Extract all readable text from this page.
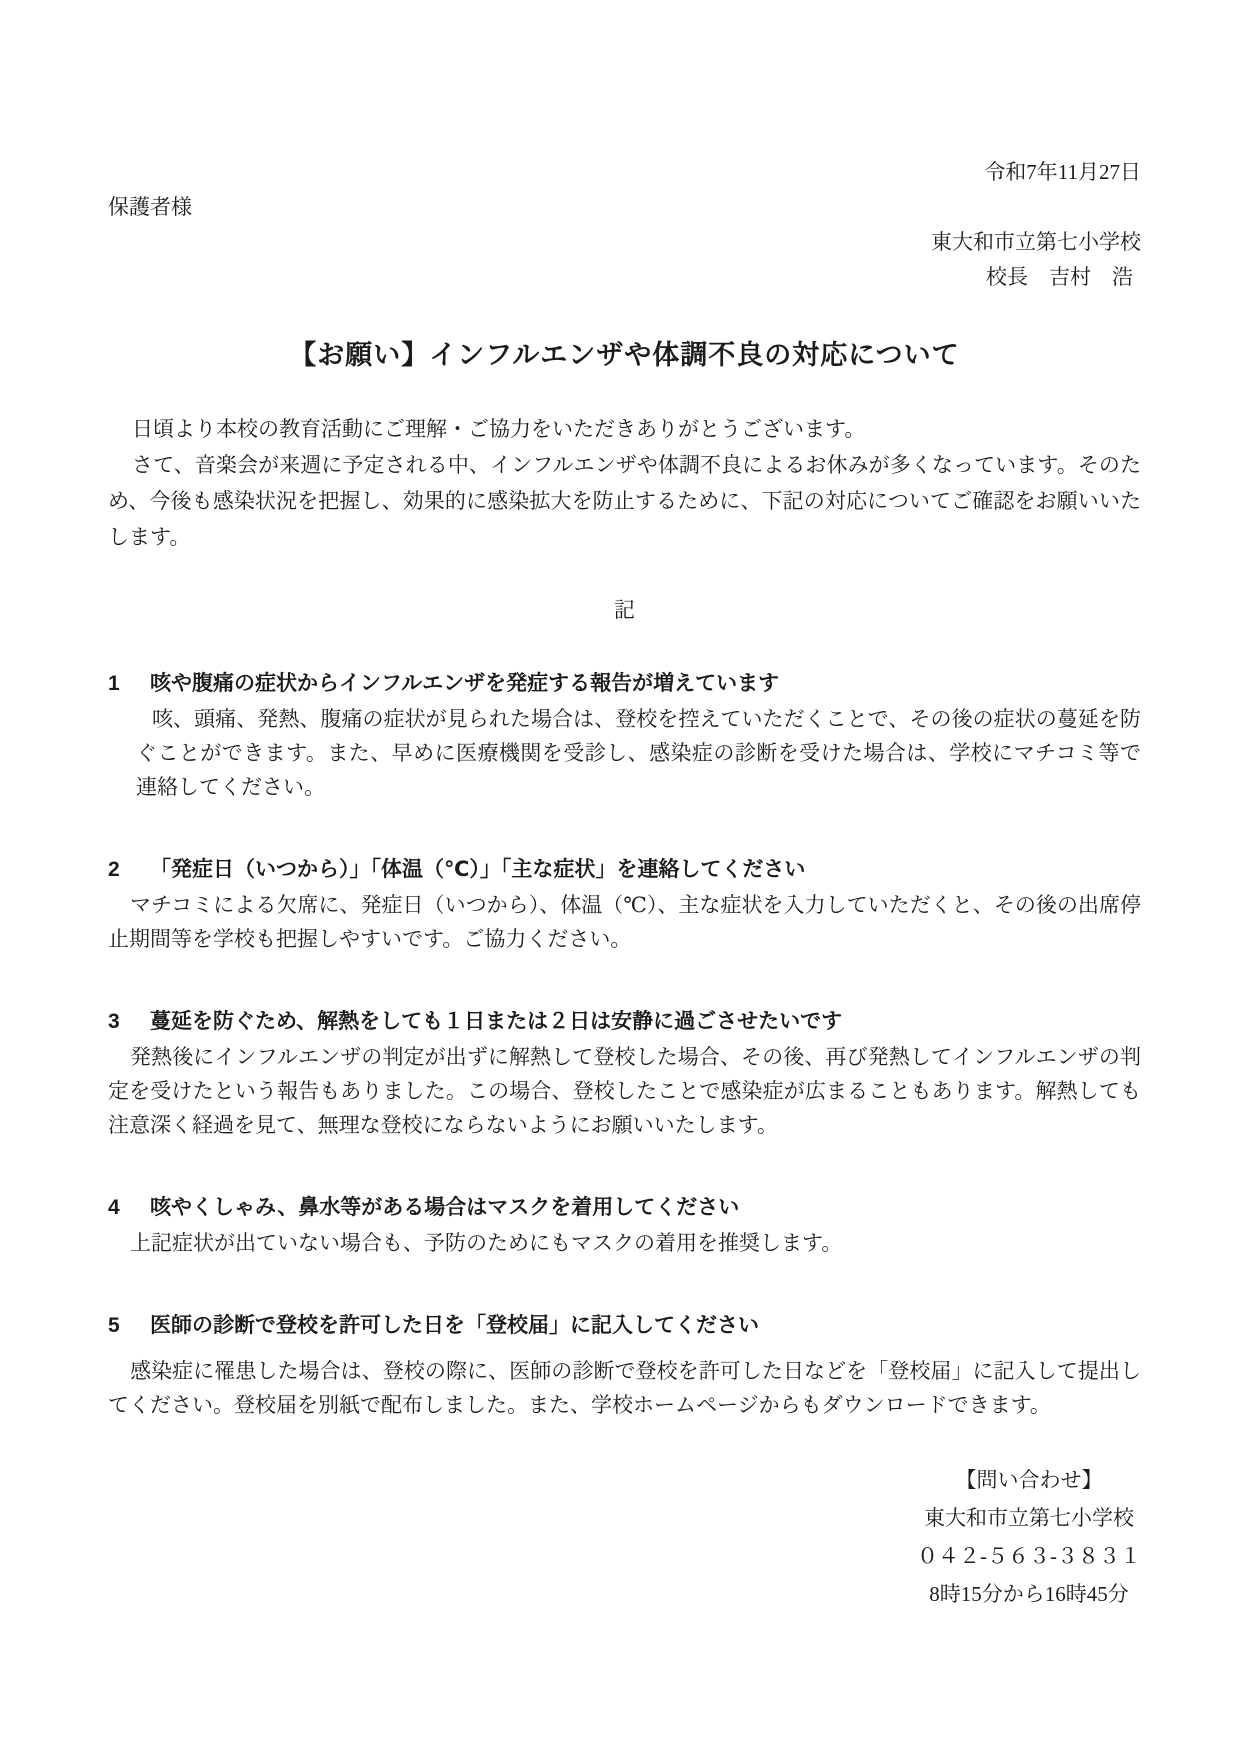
令和7年11月27日
保護者様
東大和市立第七小学校
校長　吉村　浩
【お願い】インフルエンザや体調不良の対応について

日頃より本校の教育活動にご理解・ご協力をいただきありがとうございます。

さて、音楽会が来週に予定される中、インフルエンザや体調不良によるお休みが多くなっています。そのため、今後も感染状況を把握し、効果的に感染拡大を防止するために、下記の対応についてご確認をお願いいたします。

記
1	咳や腹痛の症状からインフルエンザを発症する報告が増えています

咳、頭痛、発熱、腹痛の症状が見られた場合は、登校を控えていただくことで、その後の症状の蔓延を防ぐことができます。また、早めに医療機関を受診し、感染症の診断を受けた場合は、学校にマチコミ等で連絡してください。

2	「発症日（いつから）」「体温（℃）」「主な症状」を連絡してください

マチコミによる欠席に、発症日（いつから）、体温（℃）、主な症状を入力していただくと、その後の出席停止期間等を学校も把握しやすいです。ご協力ください。

3	蔓延を防ぐため、解熱をしても１日または２日は安静に過ごさせたいです

発熱後にインフルエンザの判定が出ずに解熱して登校した場合、その後、再び発熱してインフルエンザの判定を受けたという報告もありました。この場合、登校したことで感染症が広まることもあります。解熱しても注意深く経過を見て、無理な登校にならないようにお願いいたします。

4	咳やくしゃみ、鼻水等がある場合はマスクを着用してください

上記症状が出ていない場合も、予防のためにもマスクの着用を推奨します。

5	医師の診断で登校を許可した日を「登校届」に記入してください

感染症に罹患した場合は、登校の際に、医師の診断で登校を許可した日などを「登校届」に記入して提出してください。登校届を別紙で配布しました。また、学校ホームページからもダウンロードできます。

【問い合わせ】
東大和市立第七小学校
０４２-５６３-３８３１
8時15分から16時45分
